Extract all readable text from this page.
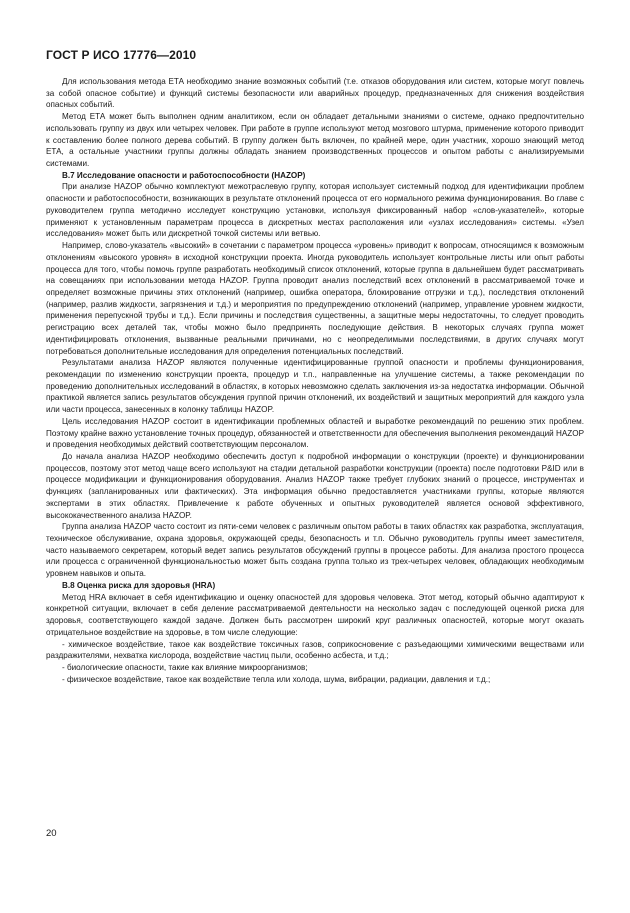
ГОСТ Р ИСО 17776—2010

Для использования метода ЕТА необходимо знание возможных событий (т.е. отказов оборудования или систем, которые могут повлечь за собой опасное событие) и функций системы безопасности или аварийных процедур, предназначенных для снижения воздействия опасных событий.

Метод ЕТА может быть выполнен одним аналитиком, если он обладает детальными знаниями о системе, однако предпочтительно использовать группу из двух или четырех человек. При работе в группе используют метод мозгового штурма, применение которого приводит к составлению более полного дерева событий. В группу должен быть включен, по крайней мере, один участник, хорошо знающий метод ЕТА, а остальные участники группы должны обладать знанием производственных процессов и опытом работы с анализируемыми системами.

В.7 Исследование опасности и работоспособности (HAZOP)

При анализе HAZOP обычно комплектуют межотраслевую группу, которая использует системный подход для идентификации проблем опасности и работоспособности, возникающих в результате отклонений процесса от его нормального режима функционирования. Во главе с руководителем группа методично исследует конструкцию установки, используя фиксированный набор «слов-указателей», которые применяют к установленным параметрам процесса в дискретных местах расположения или «узлах исследования» системы. «Узел исследования» может быть или дискретной точкой системы или ветвью.

Например, слово-указатель «высокий» в сочетании с параметром процесса «уровень» приводит к вопросам, относящимся к возможным отклонениям «высокого уровня» в исходной конструкции проекта. Иногда руководитель использует контрольные листы или опыт работы процесса для того, чтобы помочь группе разработать необходимый список отклонений, которые группа в дальнейшем будет рассматривать на совещаниях при использовании метода HAZOP. Группа проводит анализ последствий всех отклонений в рассматриваемой точке и определяет возможные причины этих отклонений (например, ошибка оператора, блокирование отгрузки и т.д.), последствия отклонений (например, разлив жидкости, загрязнения и т.д.) и мероприятия по предупреждению отклонений (например, управление уровнем жидкости, применения перепускной трубы и т.д.). Если причины и последствия существенны, а защитные меры недостаточны, то следует проводить регистрацию всех деталей так, чтобы можно было предпринять последующие действия. В некоторых случаях группа может идентифицировать отклонения, вызванные реальными причинами, но с неопределимыми последствиями, в других случаях могут потребоваться дополнительные исследования для определения потенциальных последствий.

Результатами анализа HAZOP являются полученные идентифицированные группой опасности и проблемы функционирования, рекомендации по изменению конструкции проекта, процедур и т.п., направленные на улучшение системы, а также рекомендации по проведению дополнительных исследований в областях, в которых невозможно сделать заключения из-за недостатка информации. Обычной практикой является запись результатов обсуждения группой причин отклонений, их воздействий и защитных мероприятий для каждого узла или части процесса, занесенных в колонку таблицы HAZOP.

Цель исследования HAZOP состоит в идентификации проблемных областей и выработке рекомендаций по решению этих проблем. Поэтому крайне важно установление точных процедур, обязанностей и ответственности для обеспечения выполнения рекомендаций HAZOP и проведения необходимых действий соответствующим персоналом.

До начала анализа HAZOP необходимо обеспечить доступ к подробной информации о конструкции (проекте) и функционировании процессов, поэтому этот метод чаще всего используют на стадии детальной разработки конструкции (проекта) после подготовки P&ID или в процессе модификации и функционирования оборудования. Анализ HAZOP также требует глубоких знаний о процессе, инструментах и функциях (запланированных или фактических). Эта информация обычно предоставляется участниками группы, которые являются экспертами в этих областях. Привлечение к работе обученных и опытных руководителей является основой эффективного, высококачественного анализа HAZOP.

Группа анализа HAZOP часто состоит из пяти-семи человек с различным опытом работы в таких областях как разработка, эксплуатация, техническое обслуживание, охрана здоровья, окружающей среды, безопасность и т.п. Обычно руководитель группы имеет заместителя, часто называемого секретарем, который ведет запись результатов обсуждений группы в процессе работы. Для анализа простого процесса или процесса с ограниченной функциональностью может быть создана группа только из трех-четырех человек, обладающих необходимым уровнем навыков и опыта.

В.8 Оценка риска для здоровья (HRA)

Метод HRA включает в себя идентификацию и оценку опасностей для здоровья человека. Этот метод, который обычно адаптируют к конкретной ситуации, включает в себя деление рассматриваемой деятельности на несколько задач с последующей оценкой риска для здоровья, соответствующего каждой задаче. Должен быть рассмотрен широкий круг различных опасностей, которые могут оказать отрицательное воздействие на здоровье, в том числе следующие:

- химическое воздействие, такое как воздействие токсичных газов, соприкосновение с разъедающими химическими веществами или раздражителями, нехватка кислорода, воздействие частиц пыли, особенно асбеста, и т.д.;

- биологические опасности, такие как влияние микроорганизмов;

- физическое воздействие, такое как воздействие тепла или холода, шума, вибрации, радиации, давления и т.д.;

20
